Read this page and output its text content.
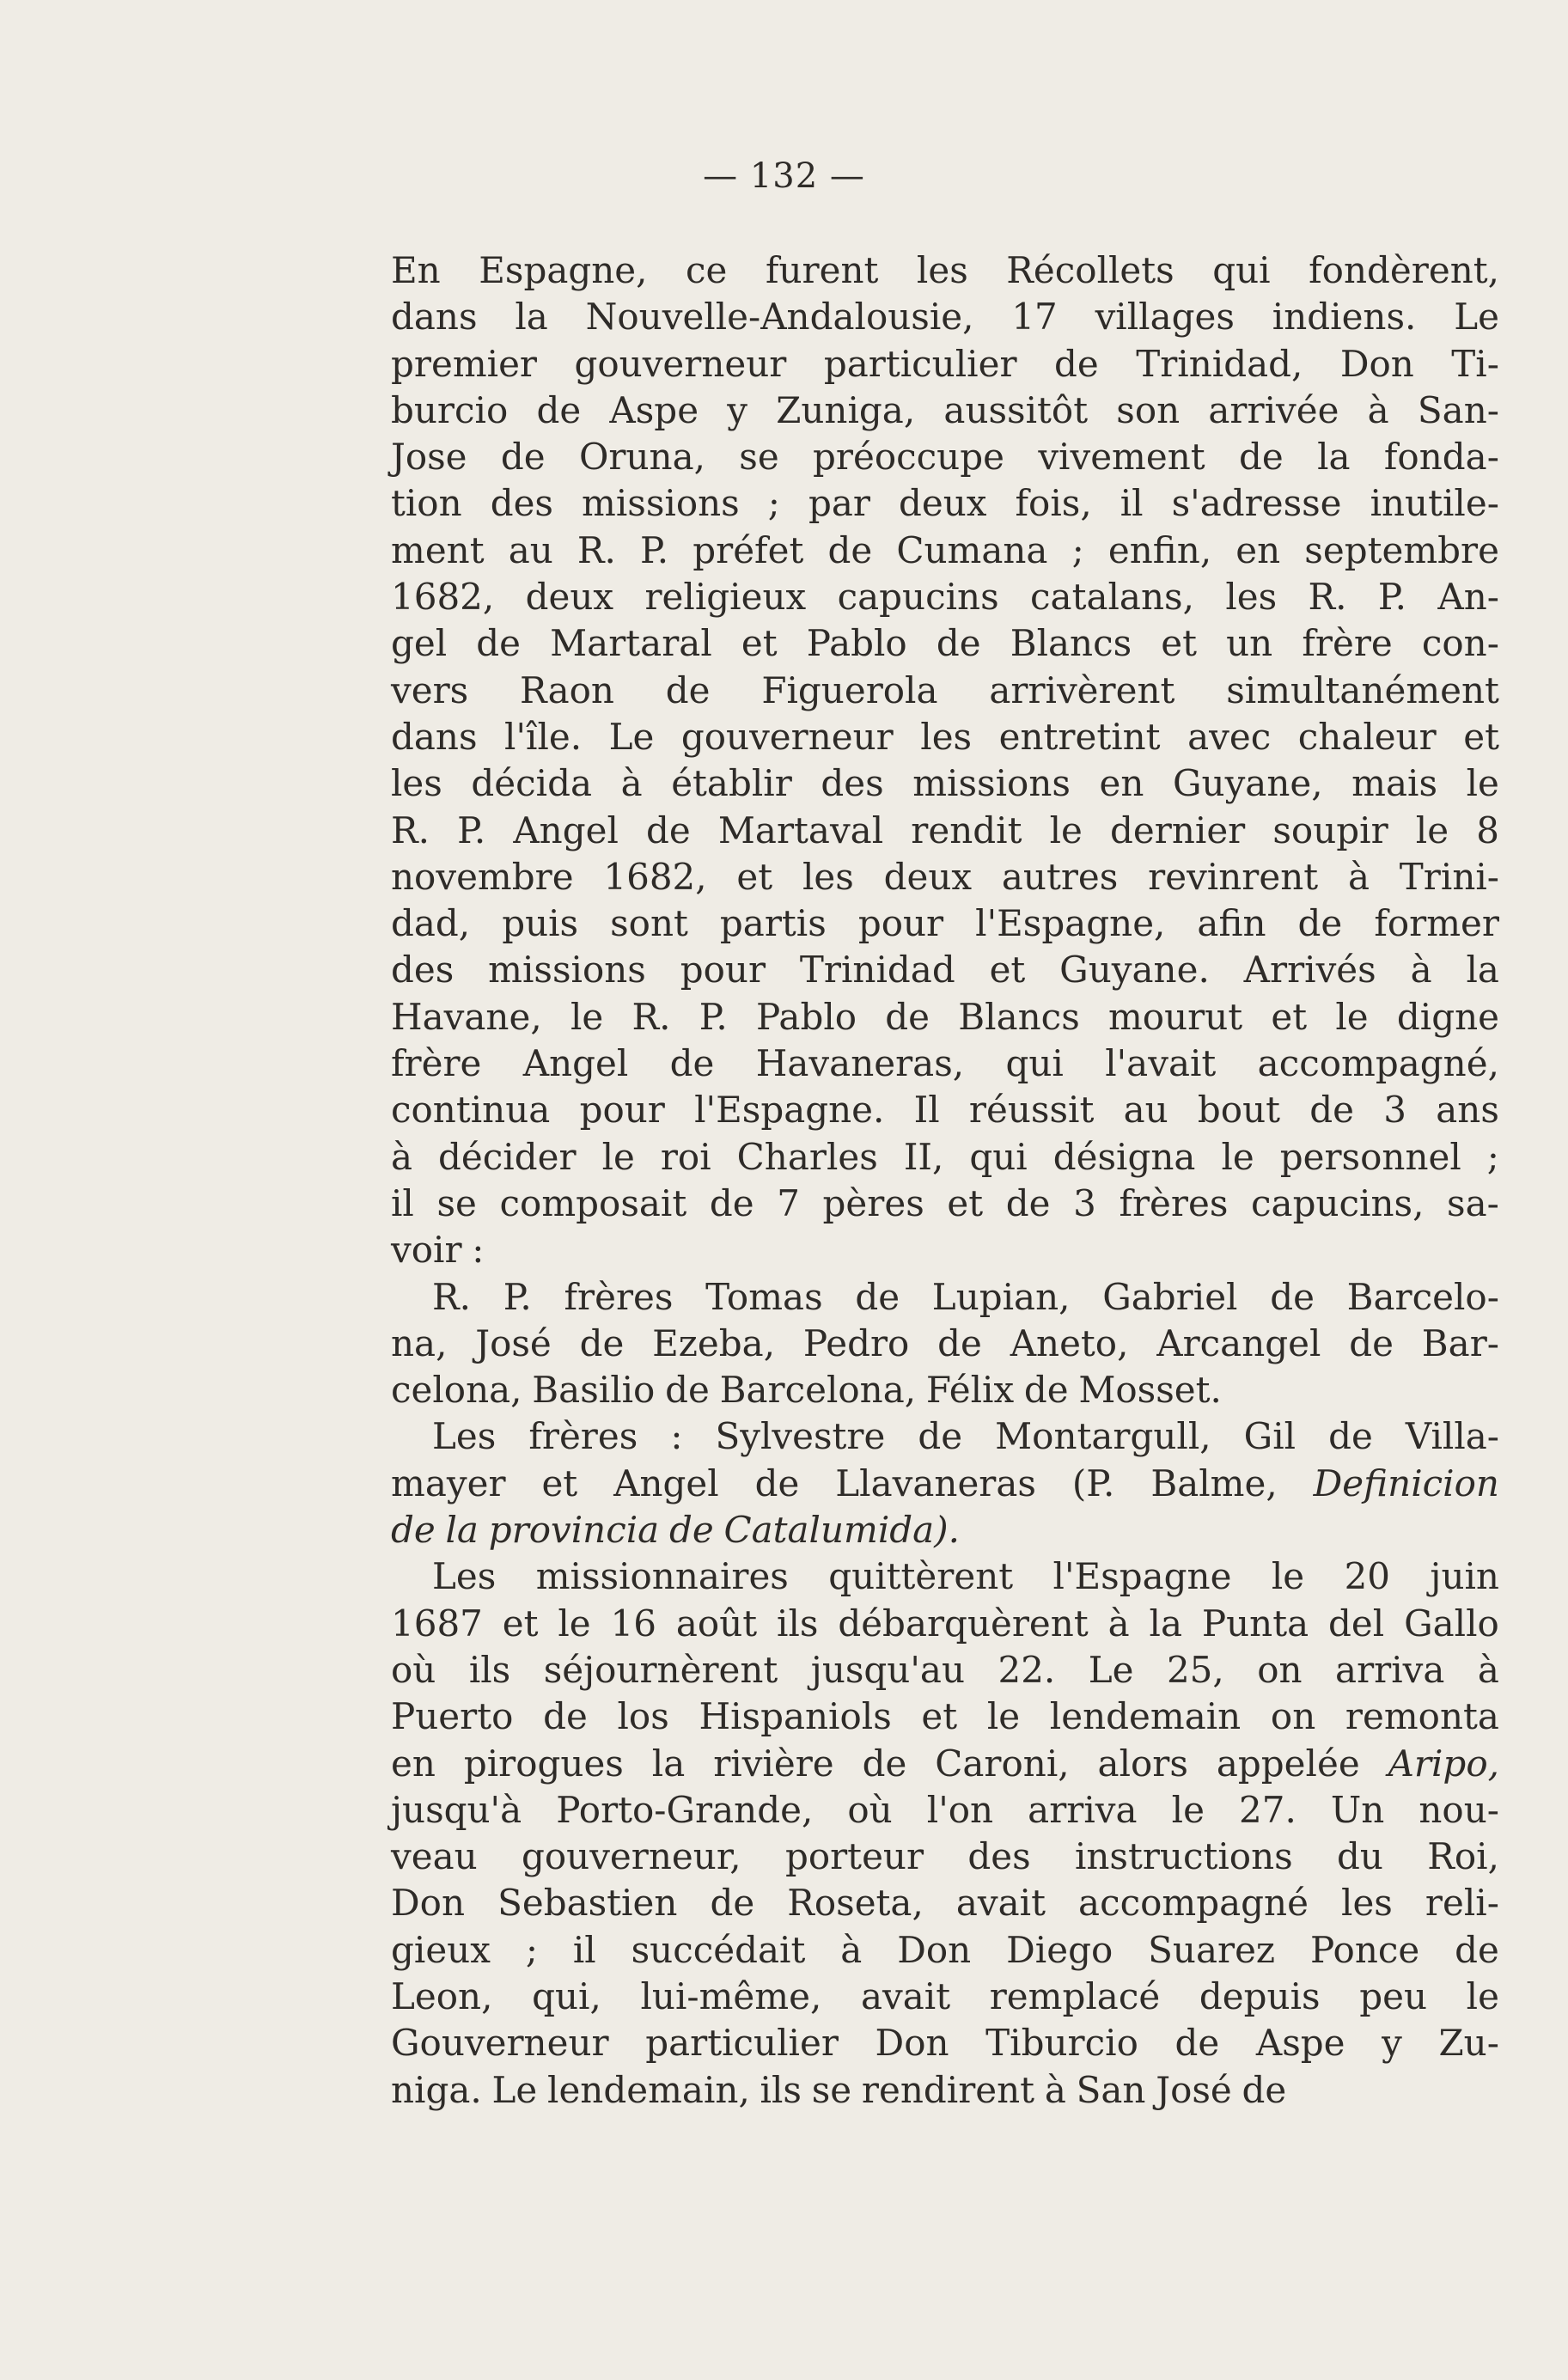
— 132 —
En Espagne, ce furent les Récollets qui fondèrent,
dans la Nouvelle-Andalousie, 17 villages indiens. Le
premier gouverneur particulier de Trinidad, Don Ti-
burcio de Aspe y Zuniga, aussitôt son arrivée à San-
Jose de Oruna, se préoccupe vivement de la fonda-
tion des missions ; par deux fois, il s'adresse inutile-
ment au R. P. préfet de Cumana ; enfin, en septembre
1682, deux religieux capucins catalans, les R. P. An-
gel de Martaral et Pablo de Blancs et un frère con-
vers Raon de Figuerola arrivèrent simultanément
dans l'île. Le gouverneur les entretint avec chaleur et
les décida à établir des missions en Guyane, mais le
R. P. Angel de Martaval rendit le dernier soupir le 8
novembre 1682, et les deux autres revinrent à Trini-
dad, puis sont partis pour l'Espagne, afin de former
des missions pour Trinidad et Guyane. Arrivés à la
Havane, le R. P. Pablo de Blancs mourut et le digne
frère Angel de Havaneras, qui l'avait accompagné,
continua pour l'Espagne. Il réussit au bout de 3 ans
à décider le roi Charles II, qui désigna le personnel ;
il se composait de 7 pères et de 3 frères capucins, sa-
voir :
R. P. frères Tomas de Lupian, Gabriel de Barcelo-
na, José de Ezeba, Pedro de Aneto, Arcangel de Bar-
celona, Basilio de Barcelona, Félix de Mosset.
Les frères : Sylvestre de Montargull, Gil de Villa-
mayer et Angel de Llavaneras (P. Balme, Definicion
de la provincia de Catalumida).
Les missionnaires quittèrent l'Espagne le 20 juin
1687 et le 16 août ils débarquèrent à la Punta del Gallo
où ils séjournèrent jusqu'au 22. Le 25, on arriva à
Puerto de los Hispaniols et le lendemain on remonta
en pirogues la rivière de Caroni, alors appelée Aripo,
jusqu'à Porto-Grande, où l'on arriva le 27. Un nou-
veau gouverneur, porteur des instructions du Roi,
Don Sebastien de Roseta, avait accompagné les reli-
gieux ; il succédait à Don Diego Suarez Ponce de
Leon, qui, lui-même, avait remplacé depuis peu le
Gouverneur particulier Don Tiburcio de Aspe y Zu-
niga. Le lendemain, ils se rendirent à San José de
